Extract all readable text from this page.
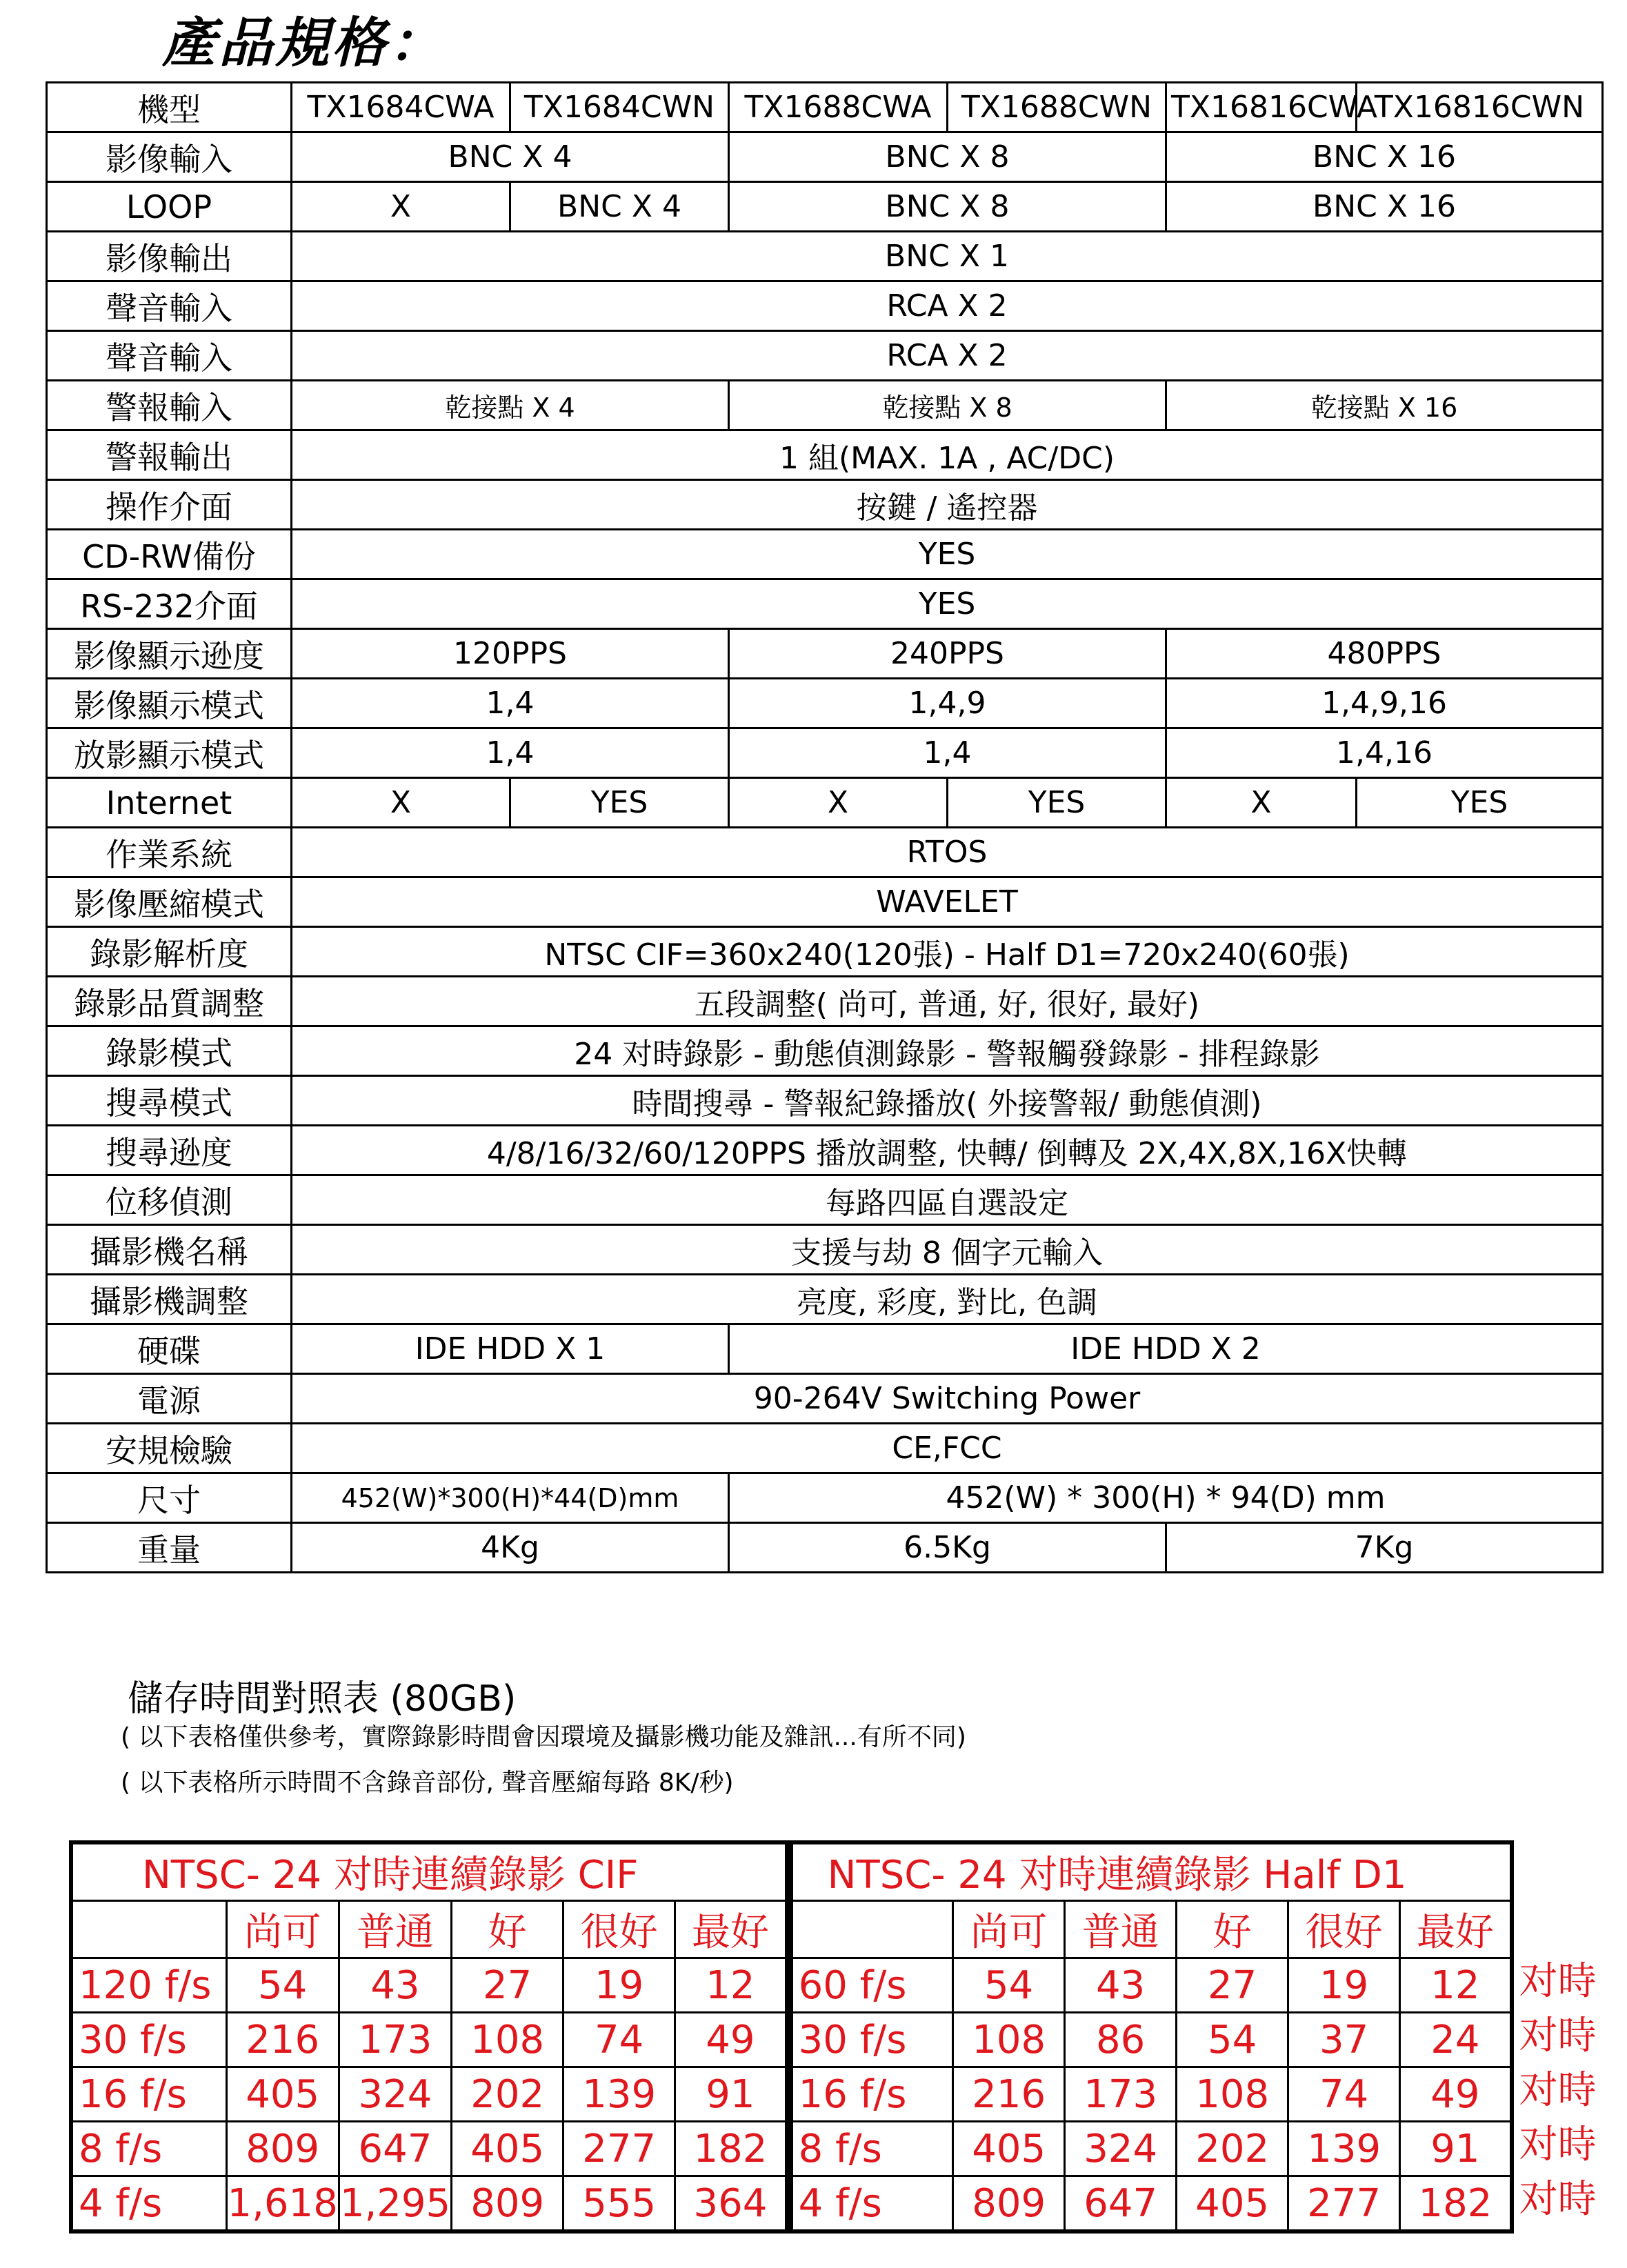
產品規格：
機型	TX1684CWA	TX1684CWN	TX1688CWA	TX1688CWN	TX16816CWA	TX16816CWN
影像輸入	BNC X 4		BNC X 8		BNC X 16	
LOOP	X	BNC X 4	BNC X 8		BNC X 16	
影像輸出	BNC X 1					
聲音輸入	RCA X 2					
聲音輸入	RCA X 2					
警報輸入	乾接點 X 4		乾接點 X 8		乾接點 X 16	
警報輸出	1 組(MAX. 1A , AC/DC)					
操作介面	按鍵 / 遙控器					
CD-RW備份	YES					
RS-232介面	YES					
影像顯示逊度	120PPS		240PPS		480PPS	
影像顯示模式	1,4		1,4,9		1,4,9,16	
放影顯示模式	1,4		1,4		1,4,16	
Internet	X	YES	X	YES	X	YES
作業系統	RTOS					
影像壓縮模式	WAVELET					
錄影解析度	NTSC CIF=360x240(120張) - Half D1=720x240(60張)					
錄影品質調整	五段調整( 尚可, 普通, 好, 很好, 最好)					
錄影模式	24 对時錄影 - 動態偵測錄影 - 警報觸發錄影 - 排程錄影					
搜尋模式	時間搜尋 - 警報紀錄播放( 外接警報/ 動態偵測)					
搜尋逊度	4/8/16/32/60/120PPS 播放調整, 快轉/ 倒轉及 2X,4X,8X,16X快轉					
位移偵測	每路四區自選設定					
攝影機名稱	支援与劫 8 個字元輸入					
攝影機調整	亮度, 彩度, 對比, 色調					
硬碟	IDE HDD X 1		IDE HDD X 2			
電源	90-264V Switching Power					
安規檢驗	CE,FCC					
尺寸	452(W)*300(H)*44(D)mm		452(W) * 300(H) * 94(D) mm			
重量	4Kg		6.5Kg		7Kg	
儲存時間對照表 (80GB)
( 以下表格僅供參考，實際錄影時間會因環境及攝影機功能及雜訊...有所不同)
( 以下表格所示時間不含錄音部份, 聲音壓縮每路 8K/秒)
NTSC- 24 对時連續錄影 CIF					
	尚可	普通	好	很好	最好
120 f/s	54	43	27	19	12
30 f/s	216	173	108	74	49
16 f/s	405	324	202	139	91
8 f/s	809	647	405	277	182
4 f/s	1,618	1,295	809	555	364
NTSC- 24 对時連續錄影 Half D1					
	尚可	普通	好	很好	最好
60 f/s	54	43	27	19	12
30 f/s	108	86	54	37	24
16 f/s	216	173	108	74	49
8 f/s	405	324	202	139	91
4 f/s	809	647	405	277	182
对時
对時
对時
对時
对時
